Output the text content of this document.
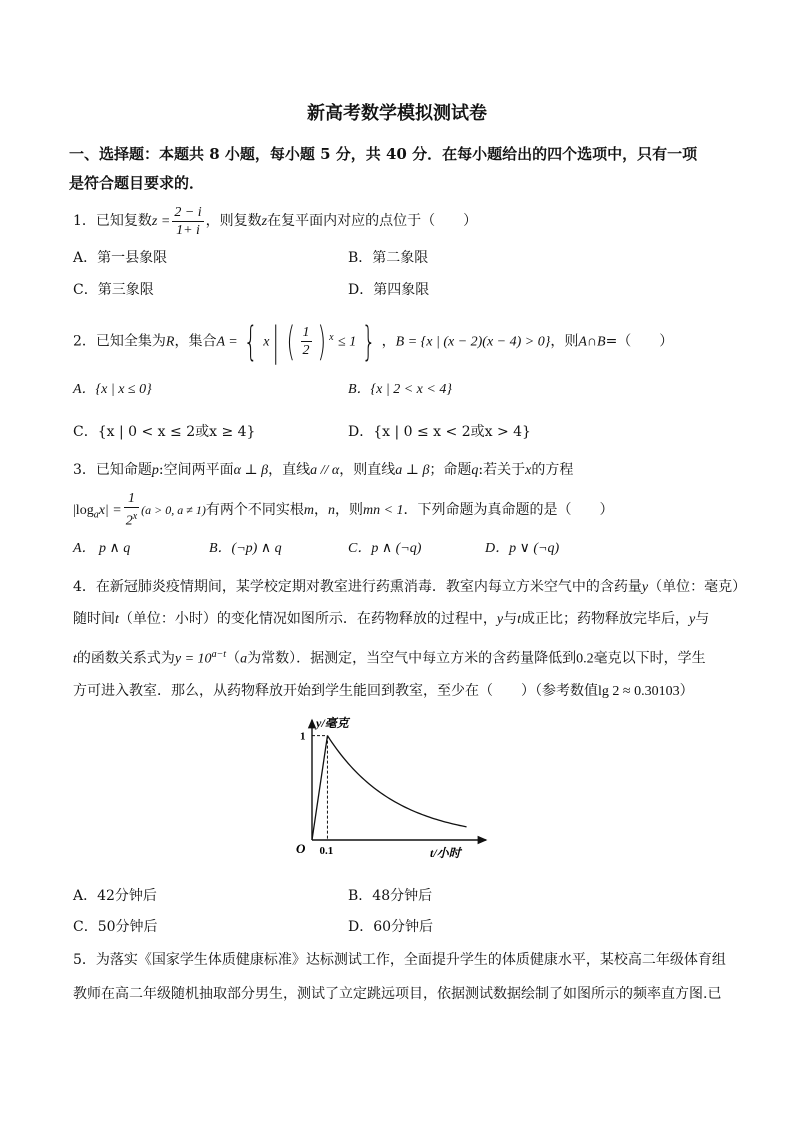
新高考数学模拟测试卷
一、选择题：本题共 8 小题，每小题 5 分，共 40 分．在每小题给出的四个选项中，只有一项
是符合题目要求的．
1．已知复数$z = \frac{2 - i}{1+ i}$ ，则复数z在复平面内对应的点位于（　　）
A．第一县象限	B．第二象限
C．第三象限	D．第四象限
2．已知全集为R，集合A = { x| ( $\frac{1}{2}$ ) $^x$ ≤ 1 } ，B = {x | (x − 2)(x − 4) > 0}，则A∩B=（　　）
A．{x | x ≤ 0}	B．{x | 2 < x < 4}
C．{x | 0 < x ≤ 2或x ≥ 4}	D．{x | 0 ≤ x < 2或x > 4}
3．已知命题p:空间两平面α ⊥ β，直线a // α，则直线a ⊥ β；命题q:若关于x的方程
$|\log_ax| = \frac{1}{2^x} (a > 0$, a ≠ 1)有两个不同实根m，n，则mn < 1．下列命题为真命题的是（　　）
A． p ∧ q	B．(¬p) ∧ q	C．p ∧ (¬q)	D．p ∨ (¬q)
4．在新冠肺炎疫情期间，某学校定期对教室进行药熏消毒．教室内每立方米空气中的含药量y（单位：毫克）
随时间t（单位：小时）的变化情况如图所示．在药物释放的过程中，y与t成正比；药物释放完毕后，y与
t的函数关系式为$y = 10^{a-t}(a$为常数）．据测定，当空气中每立方米的含药量降低到0.2毫克以下时，学生
方可进入教室．那么，从药物释放开始到学生能回到教室，至少在（　　）（参考数值lg 2 ≈ 0.30103）
y/毫克
t/小时
O 0.1
1
A．42分钟后	B．48分钟后
C．50分钟后	D．60分钟后
5．为落实《国家学生体质健康标准》达标测试工作，全面提升学生的体质健康水平，某校高二年级体育组
教师在高二年级随机抽取部分男生，测试了立定跳远项目，依据测试数据绘制了如图所示的频率直方图.已
